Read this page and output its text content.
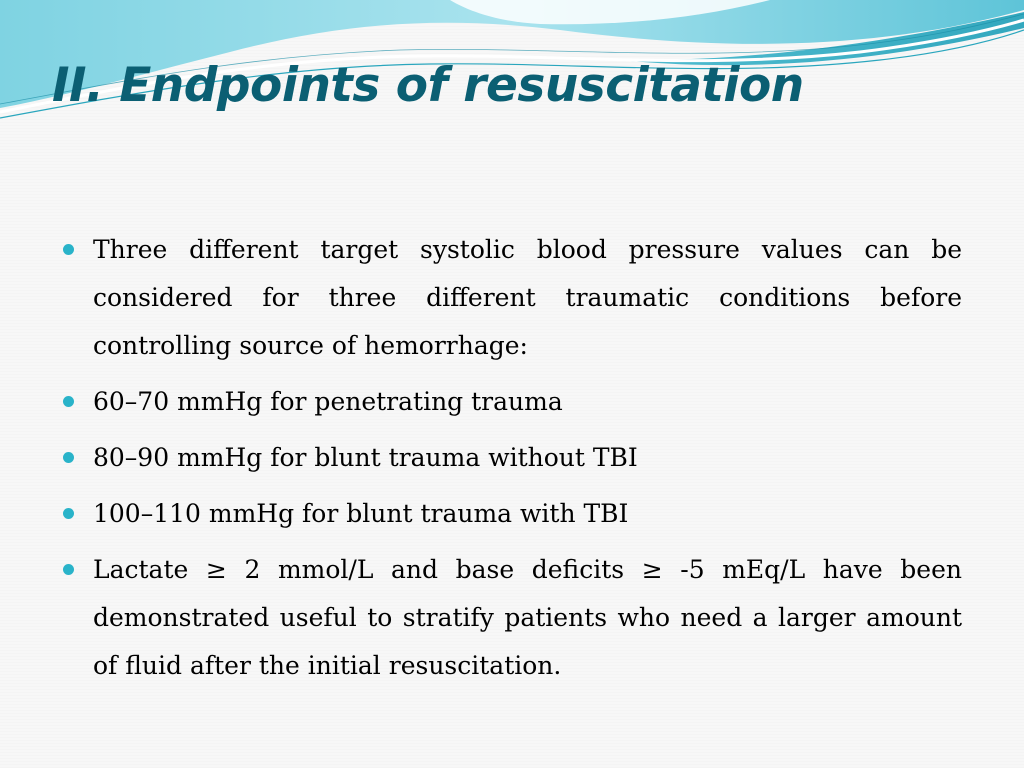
II. Endpoints of resuscitation
Three different target systolic blood pressure values can be considered for three different traumatic conditions before controlling source of hemorrhage:
60–70 mmHg for penetrating trauma
80–90 mmHg for blunt trauma without TBI
100–110 mmHg for blunt trauma with TBI
Lactate ≥ 2 mmol/L and base deficits ≥ -5 mEq/L have been demonstrated useful to stratify patients who need a larger amount of fluid after the initial resuscitation.
